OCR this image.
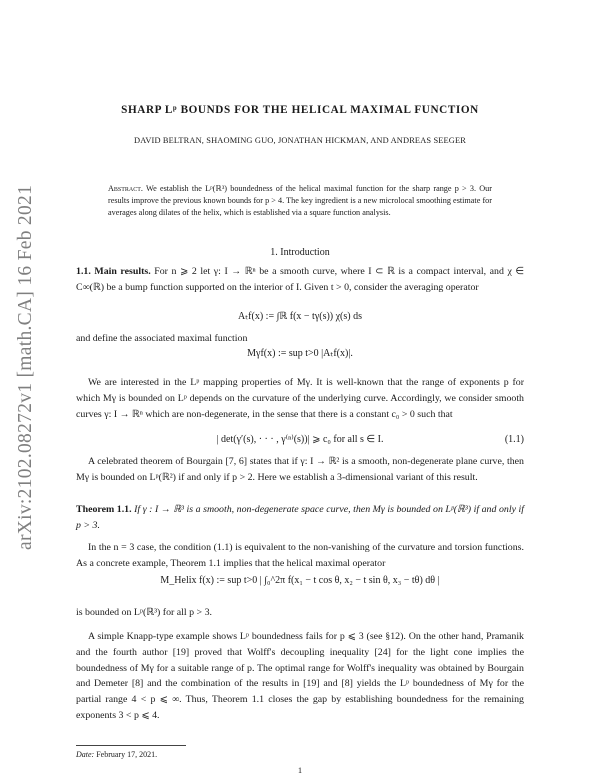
arXiv:2102.08272v1 [math.CA] 16 Feb 2021
SHARP Lᵖ BOUNDS FOR THE HELICAL MAXIMAL FUNCTION
DAVID BELTRAN, SHAOMING GUO, JONATHAN HICKMAN, AND ANDREAS SEEGER
Abstract. We establish the Lᵖ(ℝ³) boundedness of the helical maximal function for the sharp range p > 3. Our results improve the previous known bounds for p > 4. The key ingredient is a new microlocal smoothing estimate for averages along dilates of the helix, which is established via a square function analysis.
1. Introduction
1.1. Main results. For n ⩾ 2 let γ: I → ℝⁿ be a smooth curve, where I ⊂ ℝ is a compact interval, and χ ∈ C∞(ℝ) be a bump function supported on the interior of I. Given t > 0, consider the averaging operator
Aₜf(x) := ∫ℝ f(x − tγ(s)) χ(s) ds
and define the associated maximal function
Mγf(x) := sup t>0 |Aₜf(x)|.
We are interested in the Lᵖ mapping properties of Mγ. It is well-known that the range of exponents p for which Mγ is bounded on Lᵖ depends on the curvature of the underlying curve. Accordingly, we consider smooth curves γ: I → ℝⁿ which are non-degenerate, in the sense that there is a constant c₀ > 0 such that
| det(γ′(s), · · · , γ⁽ⁿ⁾(s))| ⩾ c₀ for all s ∈ I.	(1.1)
A celebrated theorem of Bourgain [7, 6] states that if γ: I → ℝ² is a smooth, non-degenerate plane curve, then Mγ is bounded on Lᵖ(ℝ²) if and only if p > 2. Here we establish a 3-dimensional variant of this result.
Theorem 1.1. If γ : I → ℝ³ is a smooth, non-degenerate space curve, then Mγ is bounded on Lᵖ(ℝ³) if and only if p > 3.
In the n = 3 case, the condition (1.1) is equivalent to the non-vanishing of the curvature and torsion functions. As a concrete example, Theorem 1.1 implies that the helical maximal operator
M_Helix f(x) := sup t>0 | ∫₀^2π f(x₁ − t cos θ, x₂ − t sin θ, x₃ − tθ) dθ |
is bounded on Lᵖ(ℝ³) for all p > 3.
A simple Knapp-type example shows Lᵖ boundedness fails for p ⩽ 3 (see §12). On the other hand, Pramanik and the fourth author [19] proved that Wolff's decoupling inequality [24] for the light cone implies the boundedness of Mγ for a suitable range of p. The optimal range for Wolff's inequality was obtained by Bourgain and Demeter [8] and the combination of the results in [19] and [8] yields the Lᵖ boundedness of Mγ for the partial range 4 < p ⩽ ∞. Thus, Theorem 1.1 closes the gap by establishing boundedness for the remaining exponents 3 < p ⩽ 4.
Date: February 17, 2021.
1
